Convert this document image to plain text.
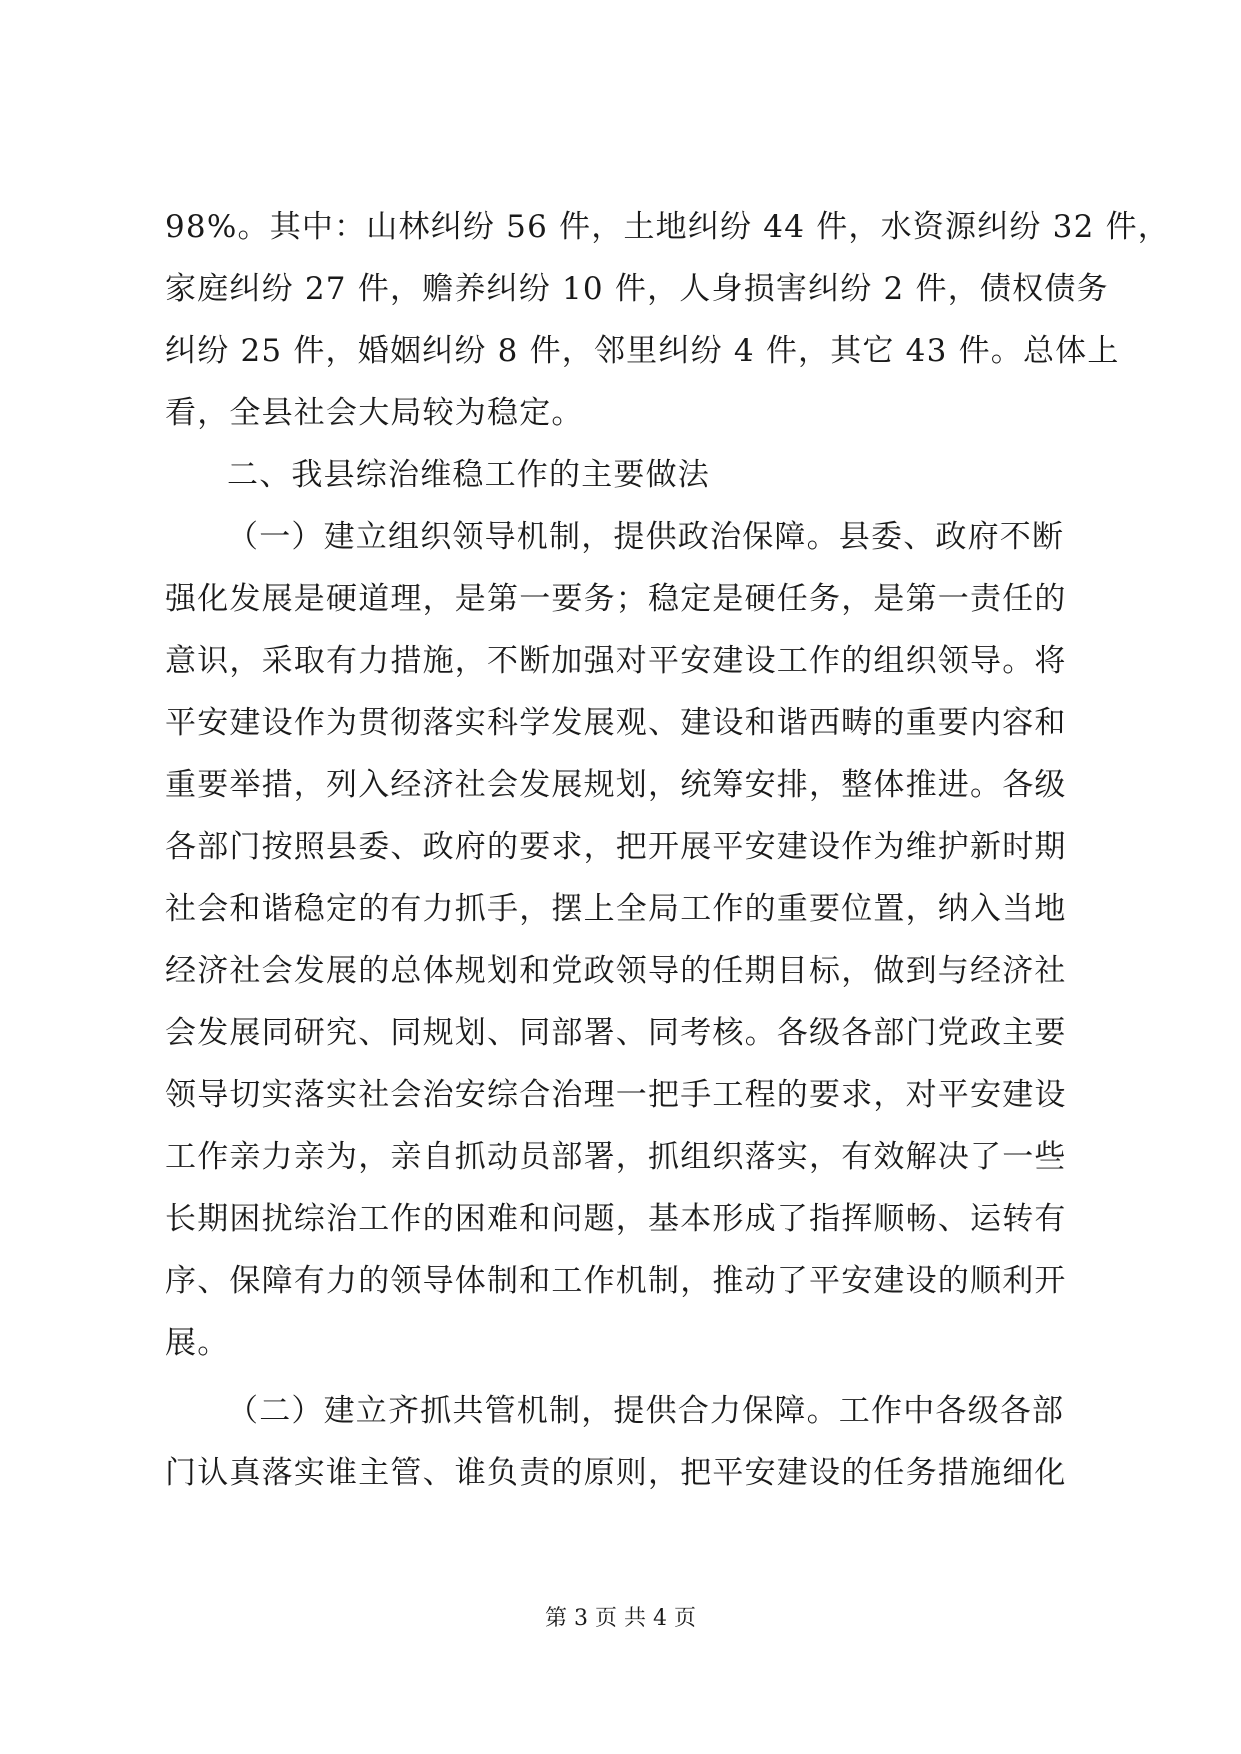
98%。其中：山林纠纷 56 件，土地纠纷 44 件，水资源纠纷 32 件，
家庭纠纷 27 件，赡养纠纷 10 件，人身损害纠纷 2 件，债权债务
纠纷 25 件，婚姻纠纷 8 件，邻里纠纷 4 件，其它 43 件。总体上
看，全县社会大局较为稳定。
二、我县综治维稳工作的主要做法
（一）建立组织领导机制，提供政治保障。县委、政府不断
强化发展是硬道理，是第一要务；稳定是硬任务，是第一责任的
意识，采取有力措施，不断加强对平安建设工作的组织领导。将
平安建设作为贯彻落实科学发展观、建设和谐西畴的重要内容和
重要举措，列入经济社会发展规划，统筹安排，整体推进。各级
各部门按照县委、政府的要求，把开展平安建设作为维护新时期
社会和谐稳定的有力抓手，摆上全局工作的重要位置，纳入当地
经济社会发展的总体规划和党政领导的任期目标，做到与经济社
会发展同研究、同规划、同部署、同考核。各级各部门党政主要
领导切实落实社会治安综合治理一把手工程的要求，对平安建设
工作亲力亲为，亲自抓动员部署，抓组织落实，有效解决了一些
长期困扰综治工作的困难和问题，基本形成了指挥顺畅、运转有
序、保障有力的领导体制和工作机制，推动了平安建设的顺利开
展。
（二）建立齐抓共管机制，提供合力保障。工作中各级各部
门认真落实谁主管、谁负责的原则，把平安建设的任务措施细化
第 3 页 共 4 页
